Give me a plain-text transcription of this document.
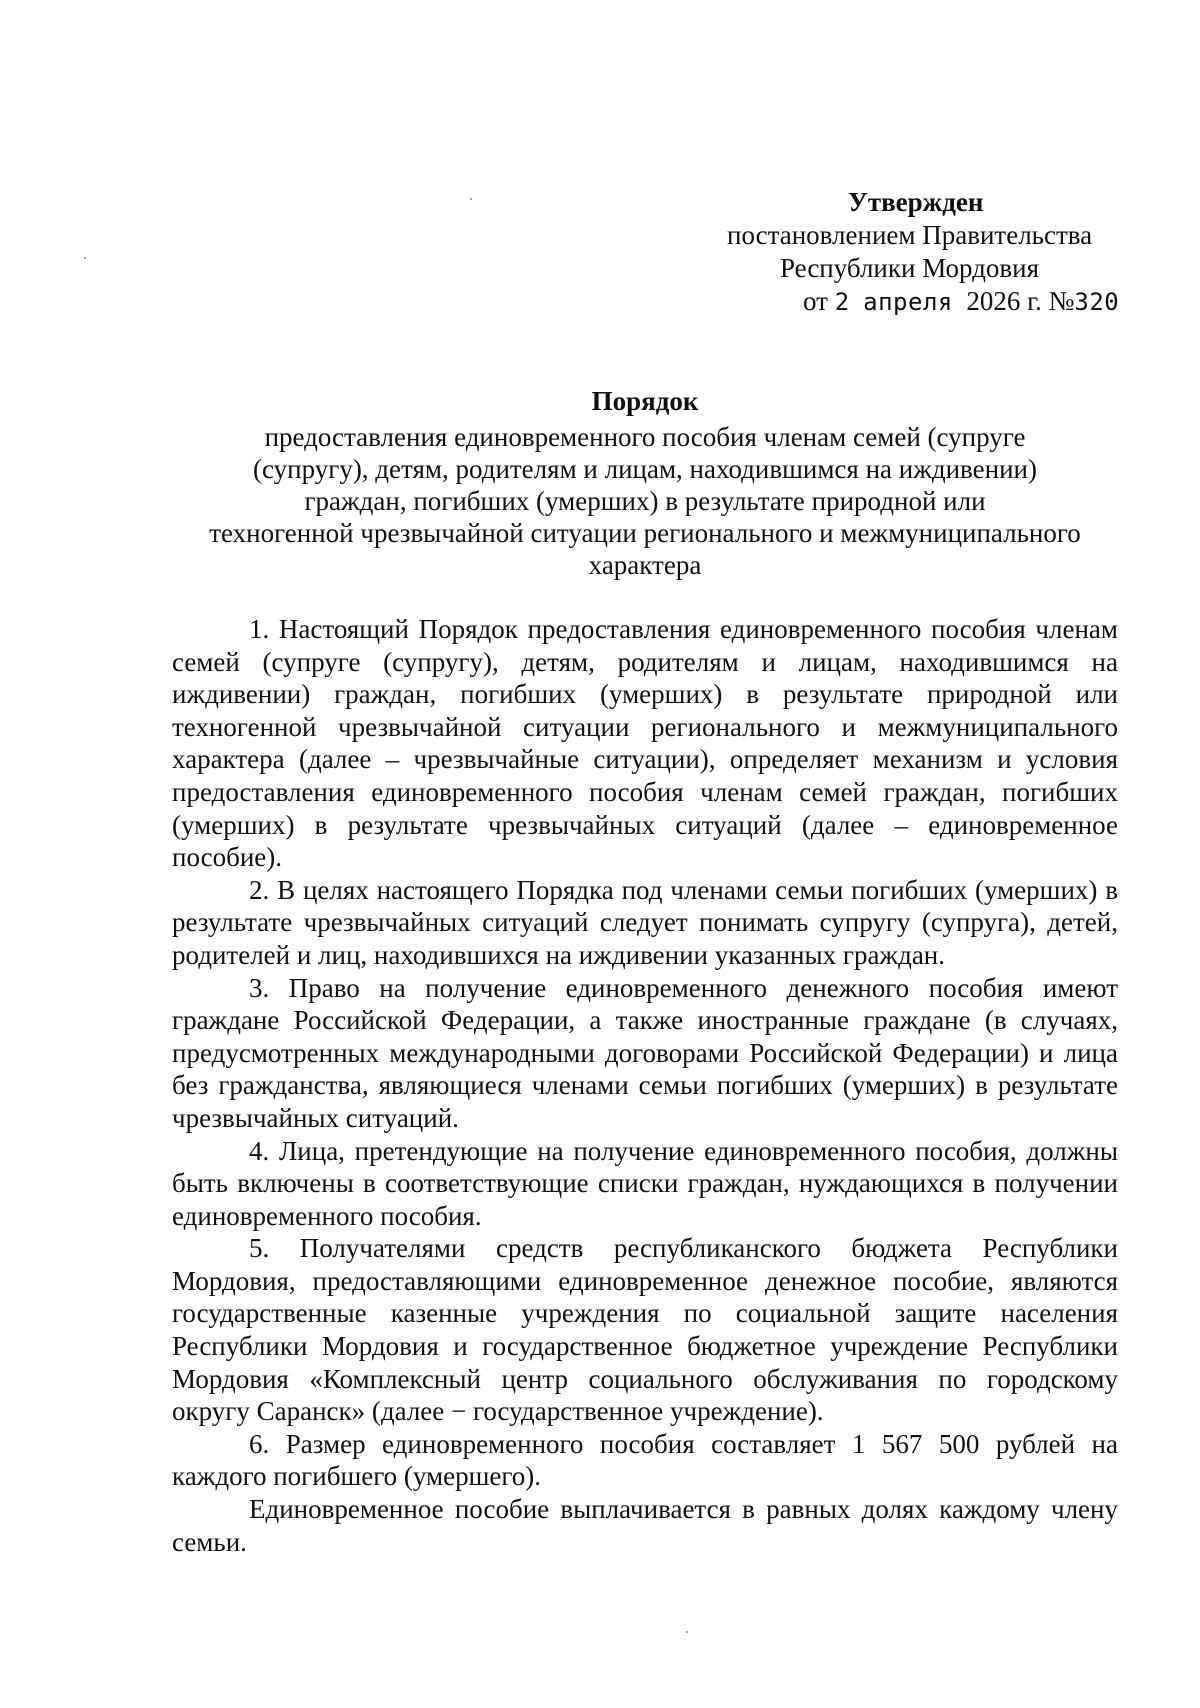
Утвержден
постановлением Правительства
Республики Мордовия
от 2 апреля 2026 г. №320
Порядок
предоставления единовременного пособия членам семей (супруге
(супругу), детям, родителям и лицам, находившимся на иждивении)
граждан, погибших (умерших) в результате природной или
техногенной чрезвычайной ситуации регионального и межмуниципального
характера

1. Настоящий Порядок предоставления единовременного пособия членам семей (супруге (супругу), детям, родителям и лицам, находившимся на иждивении) граждан, погибших (умерших) в результате природной или техногенной чрезвычайной ситуации регионального и межмуниципального характера (далее – чрезвычайные ситуации), определяет механизм и условия предоставления единовременного пособия членам семей граждан, погибших (умерших) в результате чрезвычайных ситуаций (далее – единовременное пособие).

2. В целях настоящего Порядка под членами семьи погибших (умерших) в результате чрезвычайных ситуаций следует понимать супругу (супруга), детей, родителей и лиц, находившихся на иждивении указанных граждан.

3. Право на получение единовременного денежного пособия имеют граждане Российской Федерации, а также иностранные граждане (в случаях, предусмотренных международными договорами Российской Федерации) и лица без гражданства, являющиеся членами семьи погибших (умерших) в результате чрезвычайных ситуаций.

4. Лица, претендующие на получение единовременного пособия, должны быть включены в соответствующие списки граждан, нуждающихся в получении единовременного пособия.

5. Получателями средств республиканского бюджета Республики Мордовия, предоставляющими единовременное денежное пособие, являются государственные казенные учреждения по социальной защите населения Республики Мордовия и государственное бюджетное учреждение Республики Мордовия «Комплексный центр социального обслуживания по городскому округу Саранск» (далее − государственное учреждение).

6. Размер единовременного пособия составляет 1 567 500 рублей на каждого погибшего (умершего).

Единовременное пособие выплачивается в равных долях каждому члену семьи.
